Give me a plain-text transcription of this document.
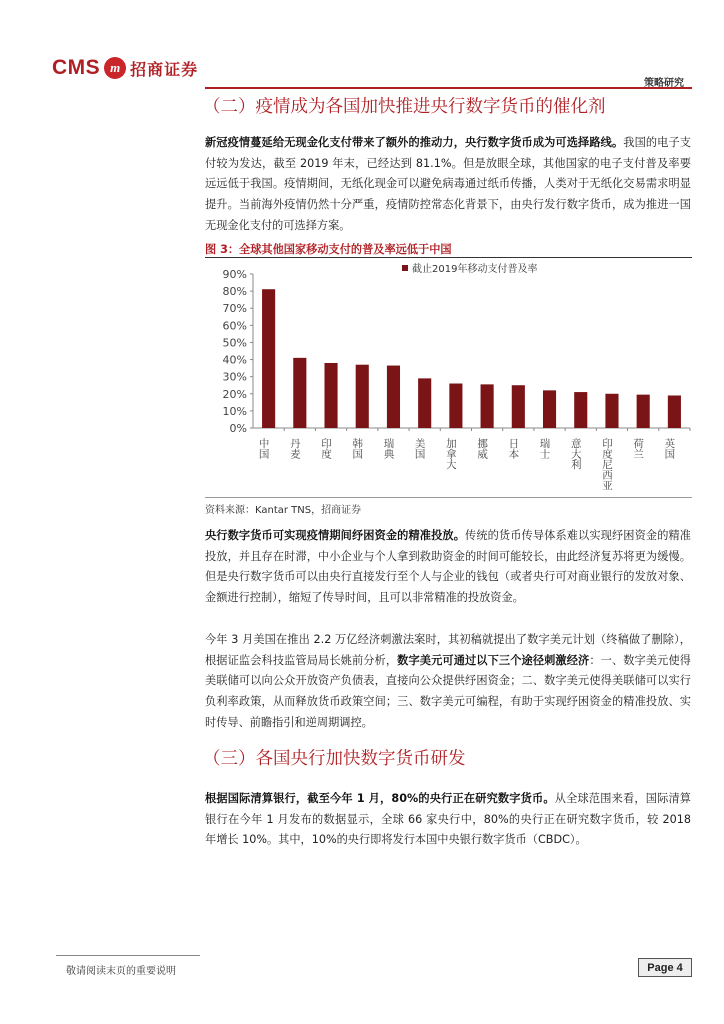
CMS m 招商证券
策略研究
（二）疫情成为各国加快推进央行数字货币的催化剂
新冠疫情蔓延给无现金化支付带来了额外的推动力，央行数字货币成为可选择路线。我国的电子支付较为发达，截至 2019 年末，已经达到 81.1%。但是放眼全球，其他国家的电子支付普及率要远远低于我国。疫情期间，无纸化现金可以避免病毒通过纸币传播，人类对于无纸化交易需求明显提升。当前海外疫情仍然十分严重，疫情防控常态化背景下，由央行发行数字货币，成为推进一国无现金化支付的可选择方案。
图 3：全球其他国家移动支付的普及率远低于中国
0%
10%
20%
30%
40%
50%
60%
70%
80%
90%
中国 丹麦 印度 韩国 瑞典 美国 加拿大 挪威 日本 瑞士 意大利 印度尼西亚 荷兰 英国
截止2019年移动支付普及率
资料来源：Kantar TNS，招商证券
央行数字货币可实现疫情期间纾困资金的精准投放。传统的货币传导体系难以实现纾困资金的精准投放，并且存在时滞，中小企业与个人拿到救助资金的时间可能较长，由此经济复苏将更为缓慢。但是央行数字货币可以由央行直接发行至个人与企业的钱包（或者央行可对商业银行的发放对象、金额进行控制），缩短了传导时间，且可以非常精准的投放资金。
今年 3 月美国在推出 2.2 万亿经济刺激法案时，其初稿就提出了数字美元计划（终稿做了删除），根据证监会科技监管局局长姚前分析，数字美元可通过以下三个途径刺激经济：一、数字美元使得美联储可以向公众开放资产负债表，直接向公众提供纾困资金；二、数字美元使得美联储可以实行负利率政策，从而释放货币政策空间；三、数字美元可编程，有助于实现纾困资金的精准投放、实时传导、前瞻指引和逆周期调控。
（三）各国央行加快数字货币研发
根据国际清算银行，截至今年 1 月，80%的央行正在研究数字货币。从全球范围来看，国际清算银行在今年 1 月发布的数据显示，全球 66 家央行中，80%的央行正在研究数字货币，较 2018 年增长 10%。其中，10%的央行即将发行本国中央银行数字货币（CBDC）。
敬请阅读末页的重要说明	Page 4
